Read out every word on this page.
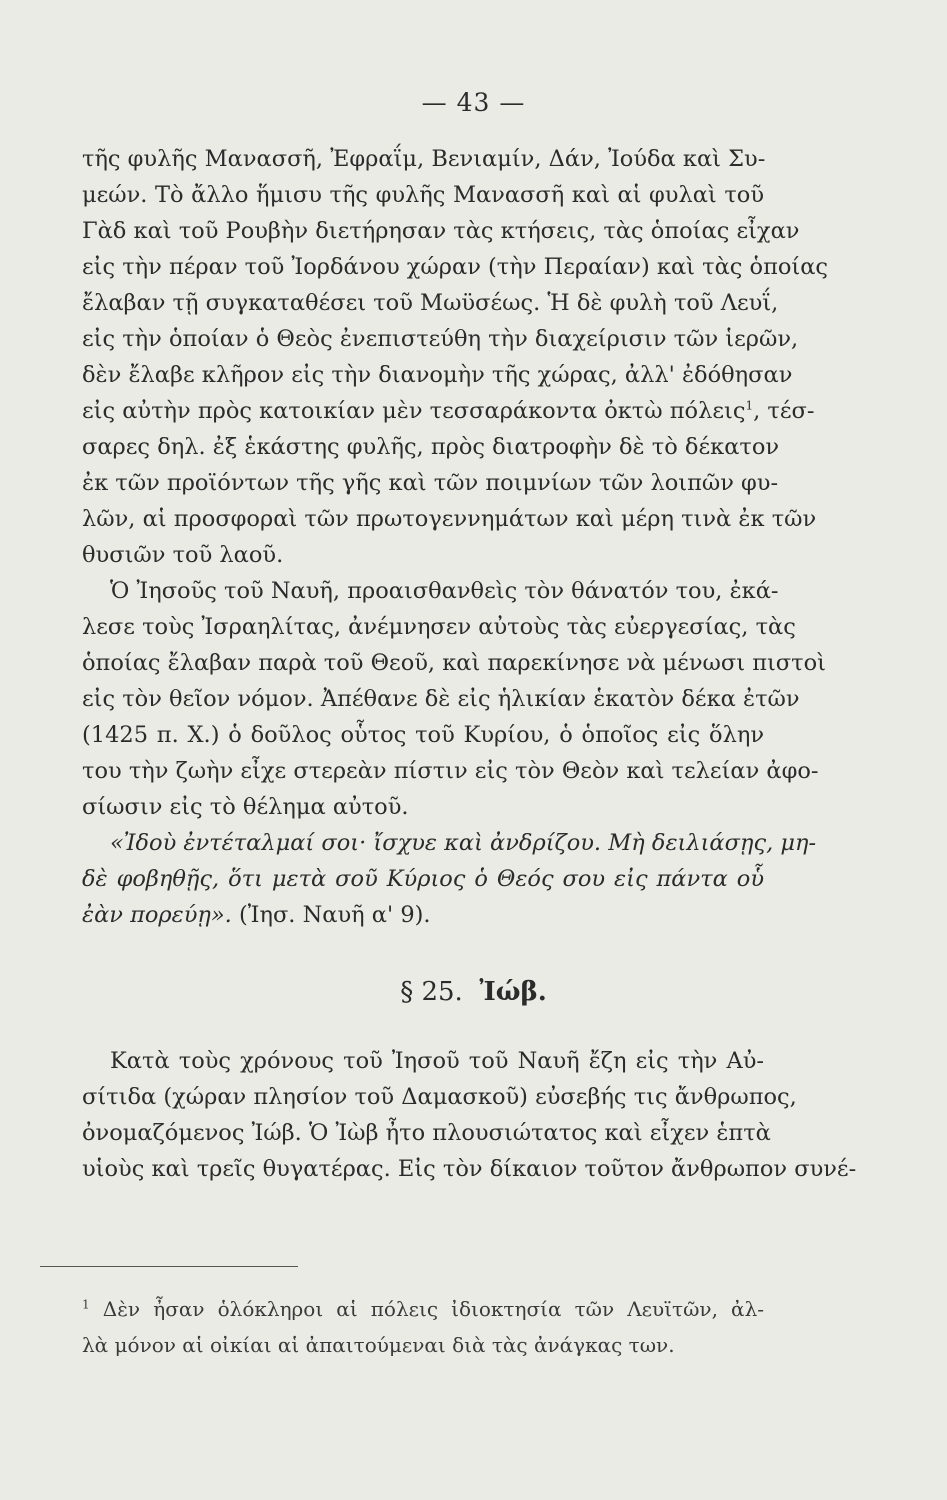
— 43 —
τῆς φυλῆς Μανασσῆ, Ἐφραΐμ, Βενιαμίν, Δάν, Ἰούδα καὶ Συ-
μεών. Τὸ ἄλλο ἥμισυ τῆς φυλῆς Μανασσῆ καὶ αἱ φυλαὶ τοῦ
Γὰδ καὶ τοῦ Ρουβὴν διετήρησαν τὰς κτήσεις, τὰς ὁποίας εἶχαν
εἰς τὴν πέραν τοῦ Ἰορδάνου χώραν (τὴν Περαίαν) καὶ τὰς ὁποίας
ἔλαβαν τῇ συγκαταθέσει τοῦ Μωϋσέως. Ἡ δὲ φυλὴ τοῦ Λευΐ,
εἰς τὴν ὁποίαν ὁ Θεὸς ἐνεπιστεύθη τὴν διαχείρισιν τῶν ἱερῶν,
δὲν ἔλαβε κλῆρον εἰς τὴν διανομὴν τῆς χώρας, ἀλλ' ἐδόθησαν
εἰς αὐτὴν πρὸς κατοικίαν μὲν τεσσαράκοντα ὀκτὼ πόλεις$^1$, τέσ-
σαρες δηλ. ἐξ ἑκάστης φυλῆς, πρὸς διατροφὴν δὲ τὸ δέκατον
ἐκ τῶν προϊόντων τῆς γῆς καὶ τῶν ποιμνίων τῶν λοιπῶν φυ-
λῶν, αἱ προσφοραὶ τῶν πρωτογεννημάτων καὶ μέρη τινὰ ἐκ τῶν
θυσιῶν τοῦ λαοῦ.
Ὁ Ἰησοῦς τοῦ Ναυῆ, προαισθανθεὶς τὸν θάνατόν του, ἐκά-
λεσε τοὺς Ἰσραηλίτας, ἀνέμνησεν αὐτοὺς τὰς εὐεργεσίας, τὰς
ὁποίας ἔλαβαν παρὰ τοῦ Θεοῦ, καὶ παρεκίνησε νὰ μένωσι πιστοὶ
εἰς τὸν θεῖον νόμον. Ἀπέθανε δὲ εἰς ἡλικίαν ἑκατὸν δέκα ἐτῶν
(1425 π. Χ.) ὁ δοῦλος οὗτος τοῦ Κυρίου, ὁ ὁποῖος εἰς ὅλην
του τὴν ζωὴν εἶχε στερεὰν πίστιν εἰς τὸν Θεὸν καὶ τελείαν ἀφο-
σίωσιν εἰς τὸ θέλημα αὐτοῦ.
«Ἰδοὺ ἐντέταλμαί σοι· ἴσχυε καὶ ἀνδρίζου. Μὴ δειλιάσῃς, μη-
δὲ φοβηθῇς, ὅτι μετὰ σοῦ Κύριος ὁ Θεός σου εἰς πάντα οὗ
ἐὰν πορεύῃ». (Ἰησ. Ναυῆ α' 9).
§ 25. Ἰώβ.
Κατὰ τοὺς χρόνους τοῦ Ἰησοῦ τοῦ Ναυῆ ἔζη εἰς τὴν Αὐ-
σίτιδα (χώραν πλησίον τοῦ Δαμασκοῦ) εὐσεβής τις ἄνθρωπος,
ὀνομαζόμενος Ἰώβ. Ὁ Ἰὼβ ἦτο πλουσιώτατος καὶ εἶχεν ἑπτὰ
υἱοὺς καὶ τρεῖς θυγατέρας. Εἰς τὸν δίκαιον τοῦτον ἄνθρωπον συνέ-
$^1$ Δὲν ἦσαν ὁλόκληροι αἱ πόλεις ἰδιοκτησία τῶν Λευϊτῶν, ἀλ-
λὰ μόνον αἱ οἰκίαι αἱ ἀπαιτούμεναι διὰ τὰς ἀνάγκας των.
